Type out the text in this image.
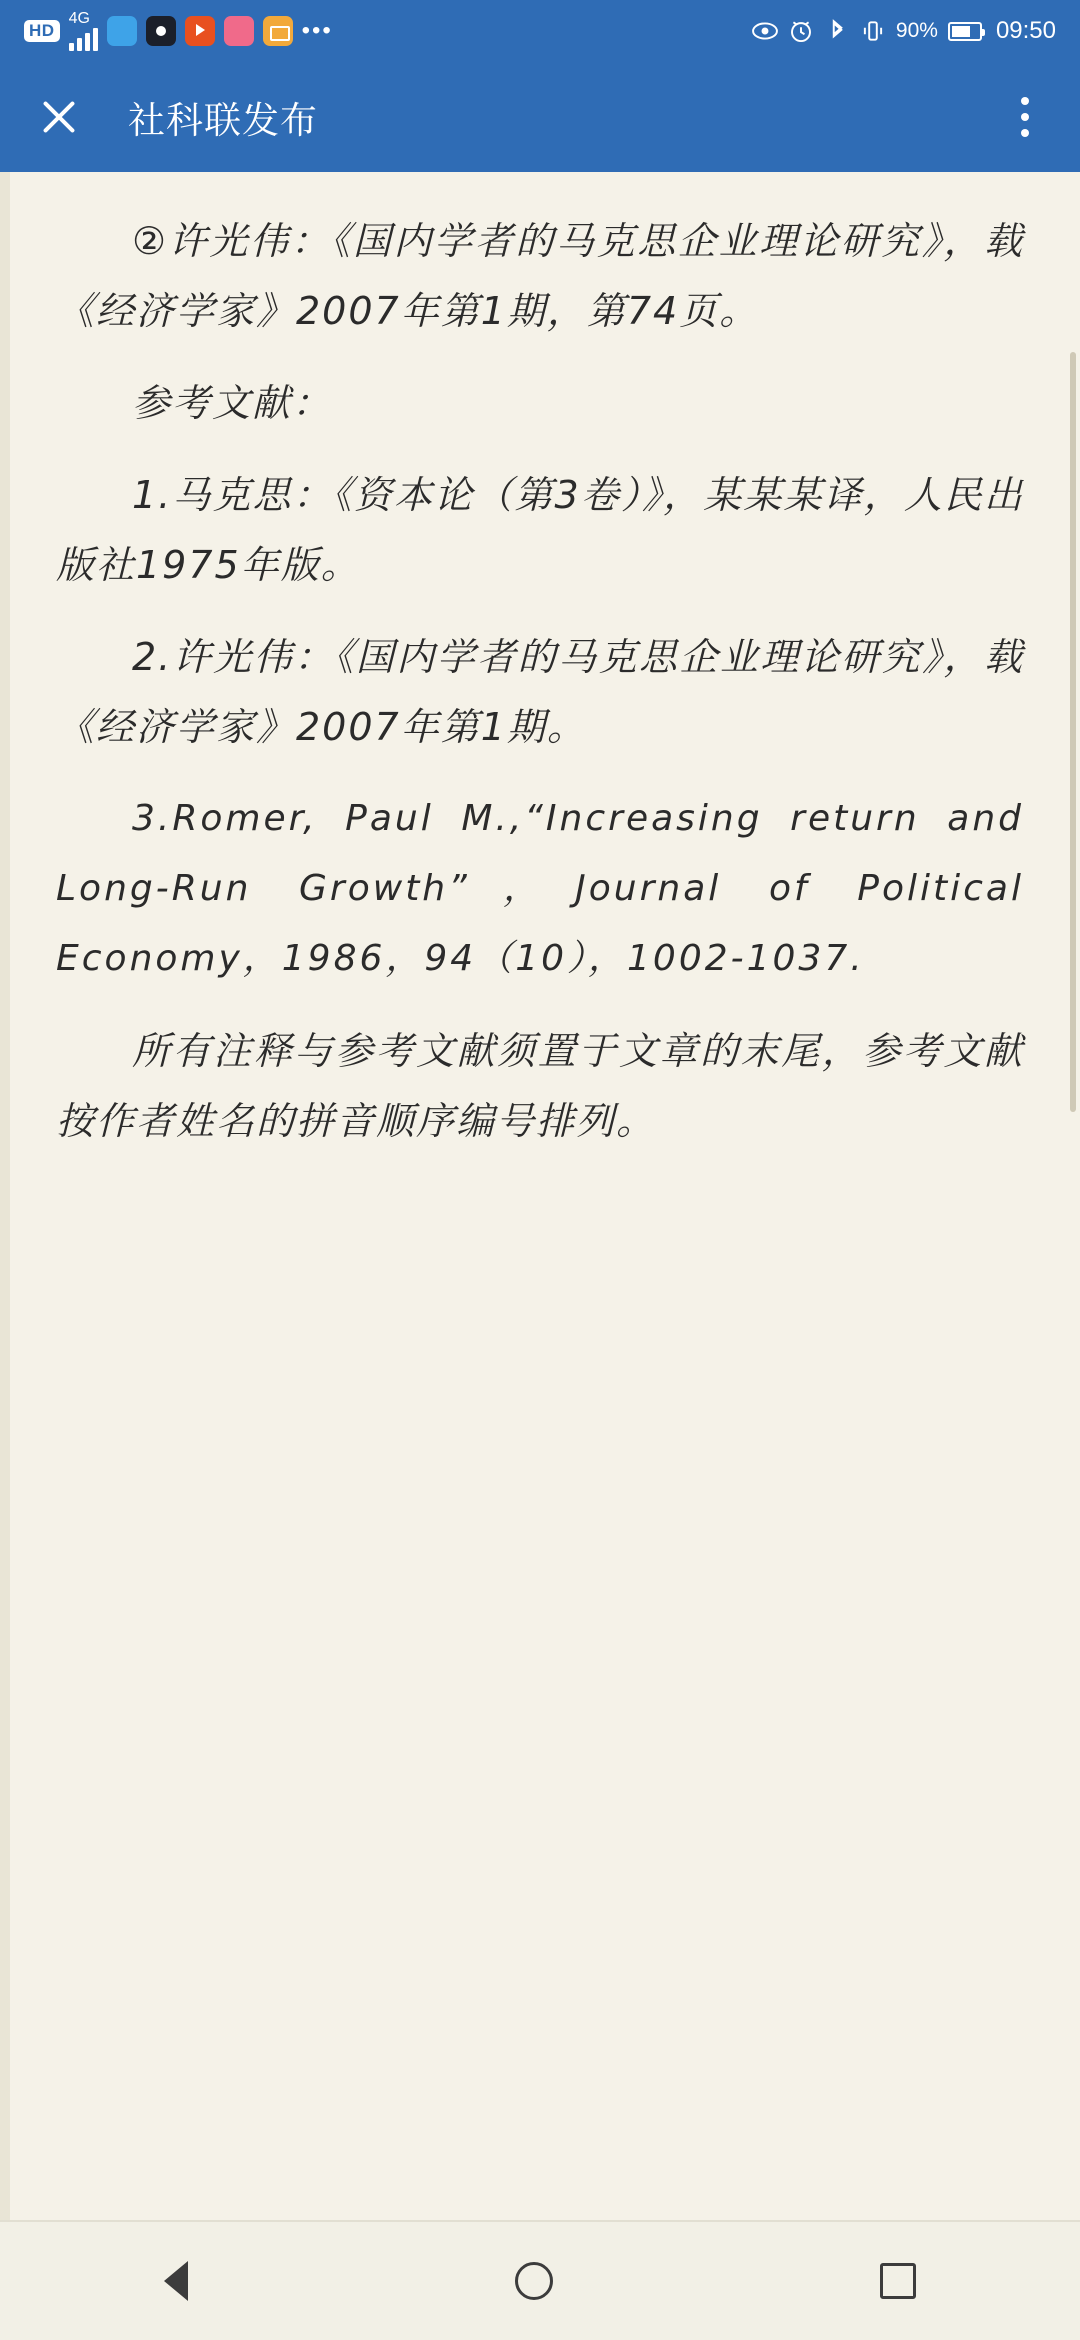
HD
4G	•••	90% 09:50
社科联发布

②许光伟：《国内学者的马克思企业理论研究》，载《经济学家》2007年第1期，第74页。

参考文献：

1.马克思：《资本论（第3卷）》，某某某译，人民出版社1975年版。

2.许光伟：《国内学者的马克思企业理论研究》，载《经济学家》2007年第1期。

3.Romer, Paul M.,“Increasing return and Long-Run Growth”，Journal of Political Economy，1986，94（10），1002-1037.

所有注释与参考文献须置于文章的末尾，参考文献按作者姓名的拼音顺序编号排列。
